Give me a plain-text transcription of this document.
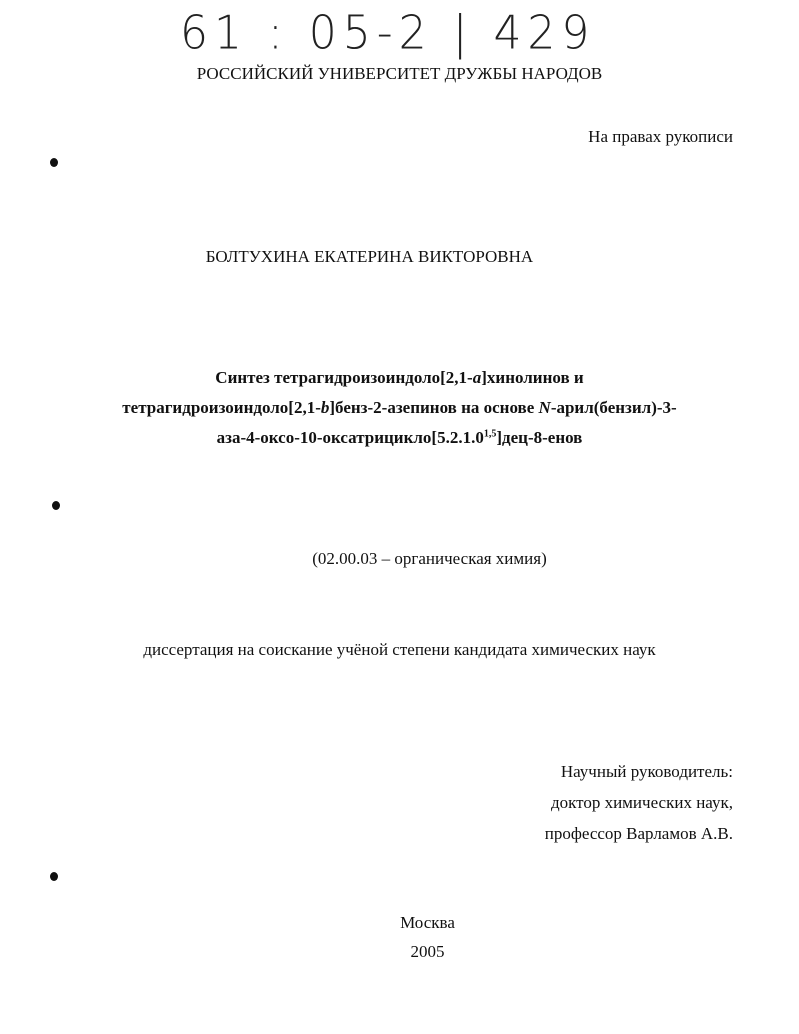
61 : 05-2 | 429
РОССИЙСКИЙ УНИВЕРСИТЕТ ДРУЖБЫ НАРОДОВ
На правах рукописи
БОЛТУХИНА ЕКАТЕРИНА ВИКТОРОВНА
Синтез тетрагидроизоиндоло[2,1-a]хинолинов и
тетрагидроизоиндоло[2,1-b]бенз-2-азепинов на основе N-арил(бензил)-3-
аза-4-оксо-10-оксатрицикло[5.2.1.0$^{1,5}$]дец-8-енов
(02.00.03 – органическая химия)
диссертация на соискание учёной степени кандидата химических наук
Научный руководитель:
доктор химических наук,
профессор Варламов А.В.
Москва
2005
